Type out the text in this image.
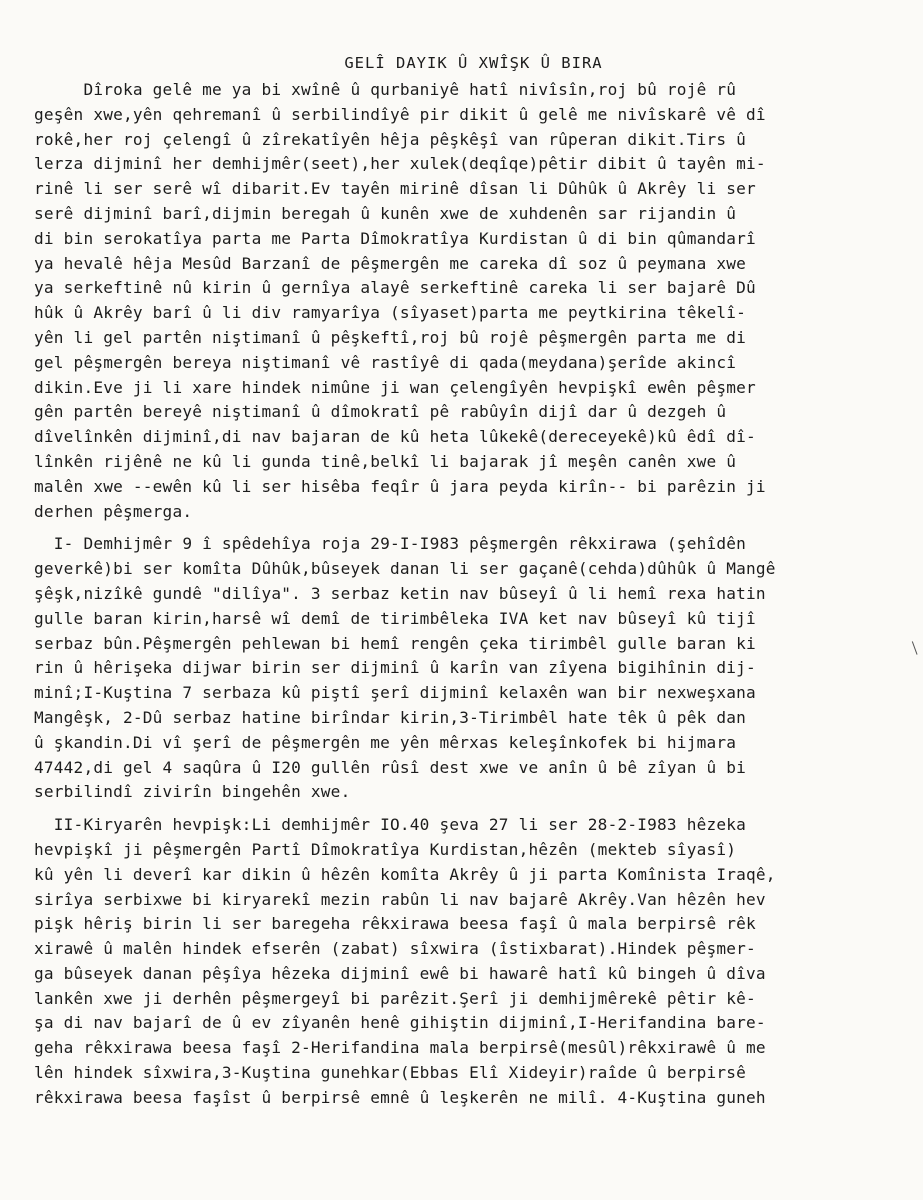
GELÎ DAYIK Û XWÎŞK Û BIRA
Dîroka gelê me ya bi xwînê û qurbaniyê hatî nivîsîn,roj bû rojê rû
geşên xwe,yên qehremanî û serbilindîyê pir dikit û gelê me nivîskarê vê dî
rokê,her roj çelengî û zîrekatîyên hêja pêşkêşî van rûperan dikit.Tirs û
lerza dijminî her demhijmêr(seet),her xulek(deqîqe)pêtir dibit û tayên mi-
rinê li ser serê wî dibarit.Ev tayên mirinê dîsan li Dûhûk û Akrêy li ser
serê dijminî barî,dijmin beregah û kunên xwe de xuhdenên sar rijandin û
di bin serokatîya parta me Parta Dîmokratîya Kurdistan û di bin qûmandarî
ya hevalê hêja Mesûd Barzanî de pêşmergên me careka dî soz û peymana xwe
ya serkeftinê nû kirin û gernîya alayê serkeftinê careka li ser bajarê Dû
hûk û Akrêy barî û li div ramyarîya (sîyaset)parta me peytkirina têkelî-
yên li gel partên niştimanî û pêşkeftî,roj bû rojê pêşmergên parta me di
gel pêşmergên bereya niştimanî vê rastîyê di qada(meydana)şerîde akincî
dikin.Eve ji li xare hindek nimûne ji wan çelengîyên hevpişkî ewên pêşmer
gên partên bereyê niştimanî û dîmokratî pê rabûyîn dijî dar û dezgeh û
dîvelînkên dijminî,di nav bajaran de kû heta lûkekê(dereceyekê)kû êdî dî-
lînkên rijênê ne kû li gunda tinê,belkî li bajarak jî meşên canên xwe û
malên xwe --ewên kû li ser hisêba feqîr û jara peyda kirîn-- bi parêzin ji
derhen pêşmerga.
I- Demhijmêr 9 î spêdehîya roja 29-I-I983 pêşmergên rêkxirawa (şehîdên
geverkê)bi ser komîta Dûhûk,bûseyek danan li ser gaçanê(cehda)dûhûk û Mangê
şêşk,nizîkê gundê "dilîya". 3 serbaz ketin nav bûseyî û li hemî rexa hatin
gulle baran kirin,harsê wî demî de tirimbêleka IVA ket nav bûseyî kû tijî
serbaz bûn.Pêşmergên pehlewan bi hemî rengên çeka tirimbêl gulle baran ki
rin û hêrişeka dijwar birin ser dijminî û karîn van zîyena bigihînin dij-
minî;I-Kuştina 7 serbaza kû piştî şerî dijminî kelaxên wan bir nexweşxana
Mangêşk, 2-Dû serbaz hatine birîndar kirin,3-Tirimbêl hate têk û pêk dan
û şkandin.Di vî şerî de pêşmergên me yên mêrxas keleşînkofek bi hijmara
47442,di gel 4 saqûra û I20 gullên rûsî dest xwe ve anîn û bê zîyan û bi
serbilindî zivirîn bingehên xwe.
II-Kiryarên hevpişk:Li demhijmêr IO.40 şeva 27 li ser 28-2-I983 hêzeka
hevpişkî ji pêşmergên Partî Dîmokratîya Kurdistan,hêzên (mekteb sîyasî)
kû yên li deverî kar dikin û hêzên komîta Akrêy û ji parta Komînista Iraqê,
sirîya serbixwe bi kiryarekî mezin rabûn li nav bajarê Akrêy.Van hêzên hev
pişk hêriş birin li ser baregeha rêkxirawa beesa faşî û mala berpirsê rêk
xirawê û malên hindek efserên (zabat) sîxwira (îstixbarat).Hindek pêşmer-
ga bûseyek danan pêşîya hêzeka dijminî ewê bi hawarê hatî kû bingeh û dîva
lankên xwe ji derhên pêşmergeyî bi parêzit.Şerî ji demhijmêrekê pêtir kê-
şa di nav bajarî de û ev zîyanên henê gihiştin dijminî,I-Herifandina bare-
geha rêkxirawa beesa faşî 2-Herifandina mala berpirsê(mesûl)rêkxirawê û me
lên hindek sîxwira,3-Kuştina gunehkar(Ebbas Elî Xideyir)raîde û berpirsê
rêkxirawa beesa faşîst û berpirsê emnê û leşkerên ne milî. 4-Kuştina guneh
